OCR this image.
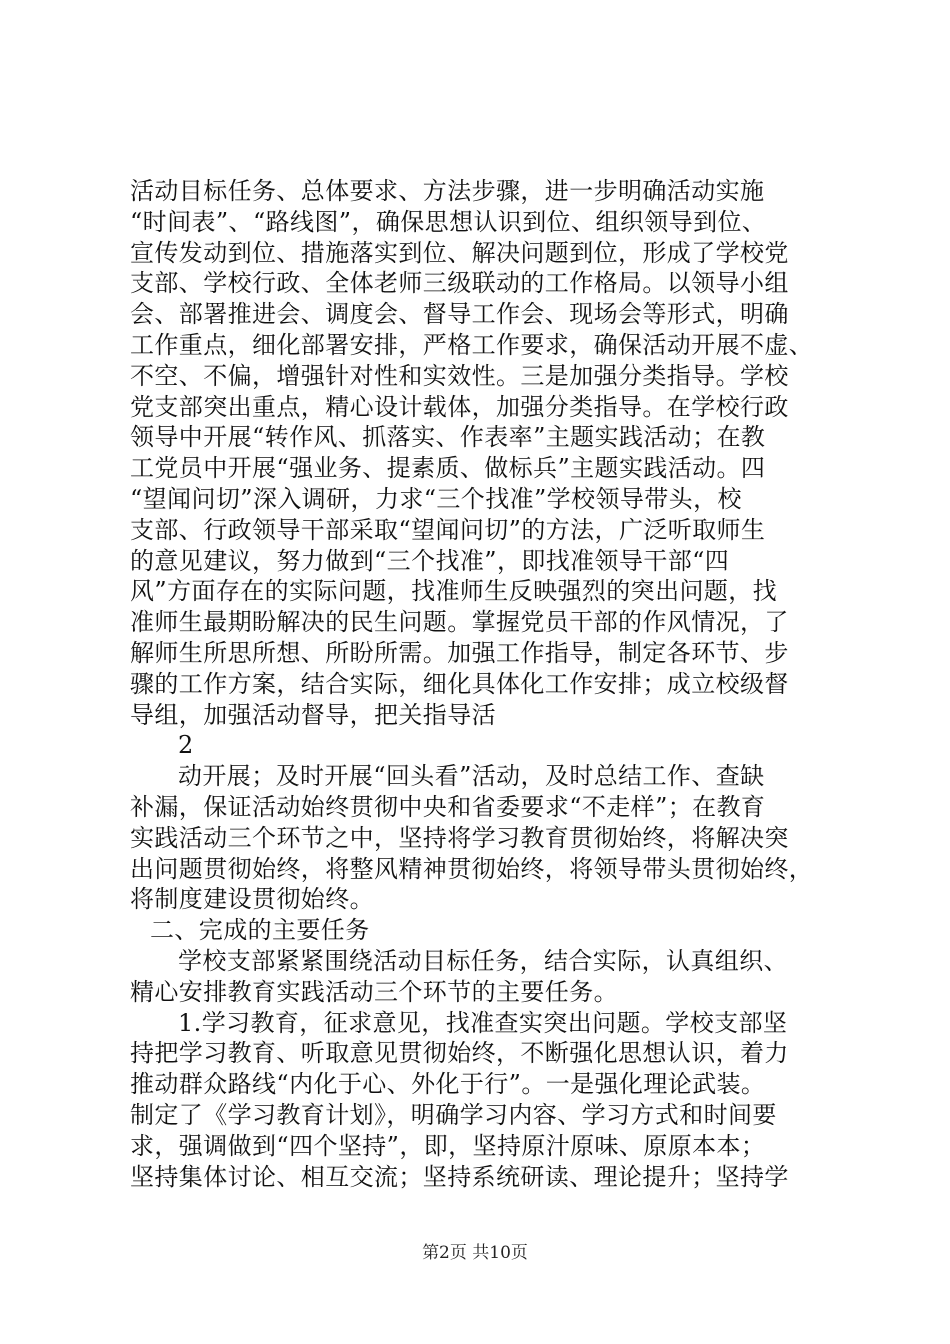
活动目标任务、总体要求、方法步骤，进一步明确活动实施
“时间表”、“路线图”，确保思想认识到位、组织领导到位、
宣传发动到位、措施落实到位、解决问题到位，形成了学校党
支部、学校行政、全体老师三级联动的工作格局。以领导小组
会、部署推进会、调度会、督导工作会、现场会等形式，明确
工作重点，细化部署安排，严格工作要求，确保活动开展不虚、
不空、不偏，增强针对性和实效性。三是加强分类指导。学校
党支部突出重点，精心设计载体，加强分类指导。在学校行政
领导中开展“转作风、抓落实、作表率”主题实践活动；在教
工党员中开展“强业务、提素质、做标兵”主题实践活动。四
“望闻问切”深入调研，力求“三个找准”学校领导带头，校
支部、行政领导干部采取“望闻问切”的方法，广泛听取师生
的意见建议，努力做到“三个找准”，即找准领导干部“四
风”方面存在的实际问题，找准师生反映强烈的突出问题，找
准师生最期盼解决的民生问题。掌握党员干部的作风情况，了
解师生所思所想、所盼所需。加强工作指导，制定各环节、步
骤的工作方案，结合实际，细化具体化工作安排；成立校级督
导组，加强活动督导，把关指导活
2
动开展；及时开展“回头看”活动，及时总结工作、查缺
补漏，保证活动始终贯彻中央和省委要求“不走样”；在教育
实践活动三个环节之中，坚持将学习教育贯彻始终，将解决突
出问题贯彻始终，将整风精神贯彻始终，将领导带头贯彻始终，
将制度建设贯彻始终。
二、完成的主要任务
学校支部紧紧围绕活动目标任务，结合实际，认真组织、
精心安排教育实践活动三个环节的主要任务。
1.学习教育，征求意见，找准查实突出问题。学校支部坚
持把学习教育、听取意见贯彻始终，不断强化思想认识，着力
推动群众路线“内化于心、外化于行”。一是强化理论武装。
制定了《学习教育计划》，明确学习内容、学习方式和时间要
求，强调做到“四个坚持”，即，坚持原汁原味、原原本本；
坚持集体讨论、相互交流；坚持系统研读、理论提升；坚持学
第2页 共10页
